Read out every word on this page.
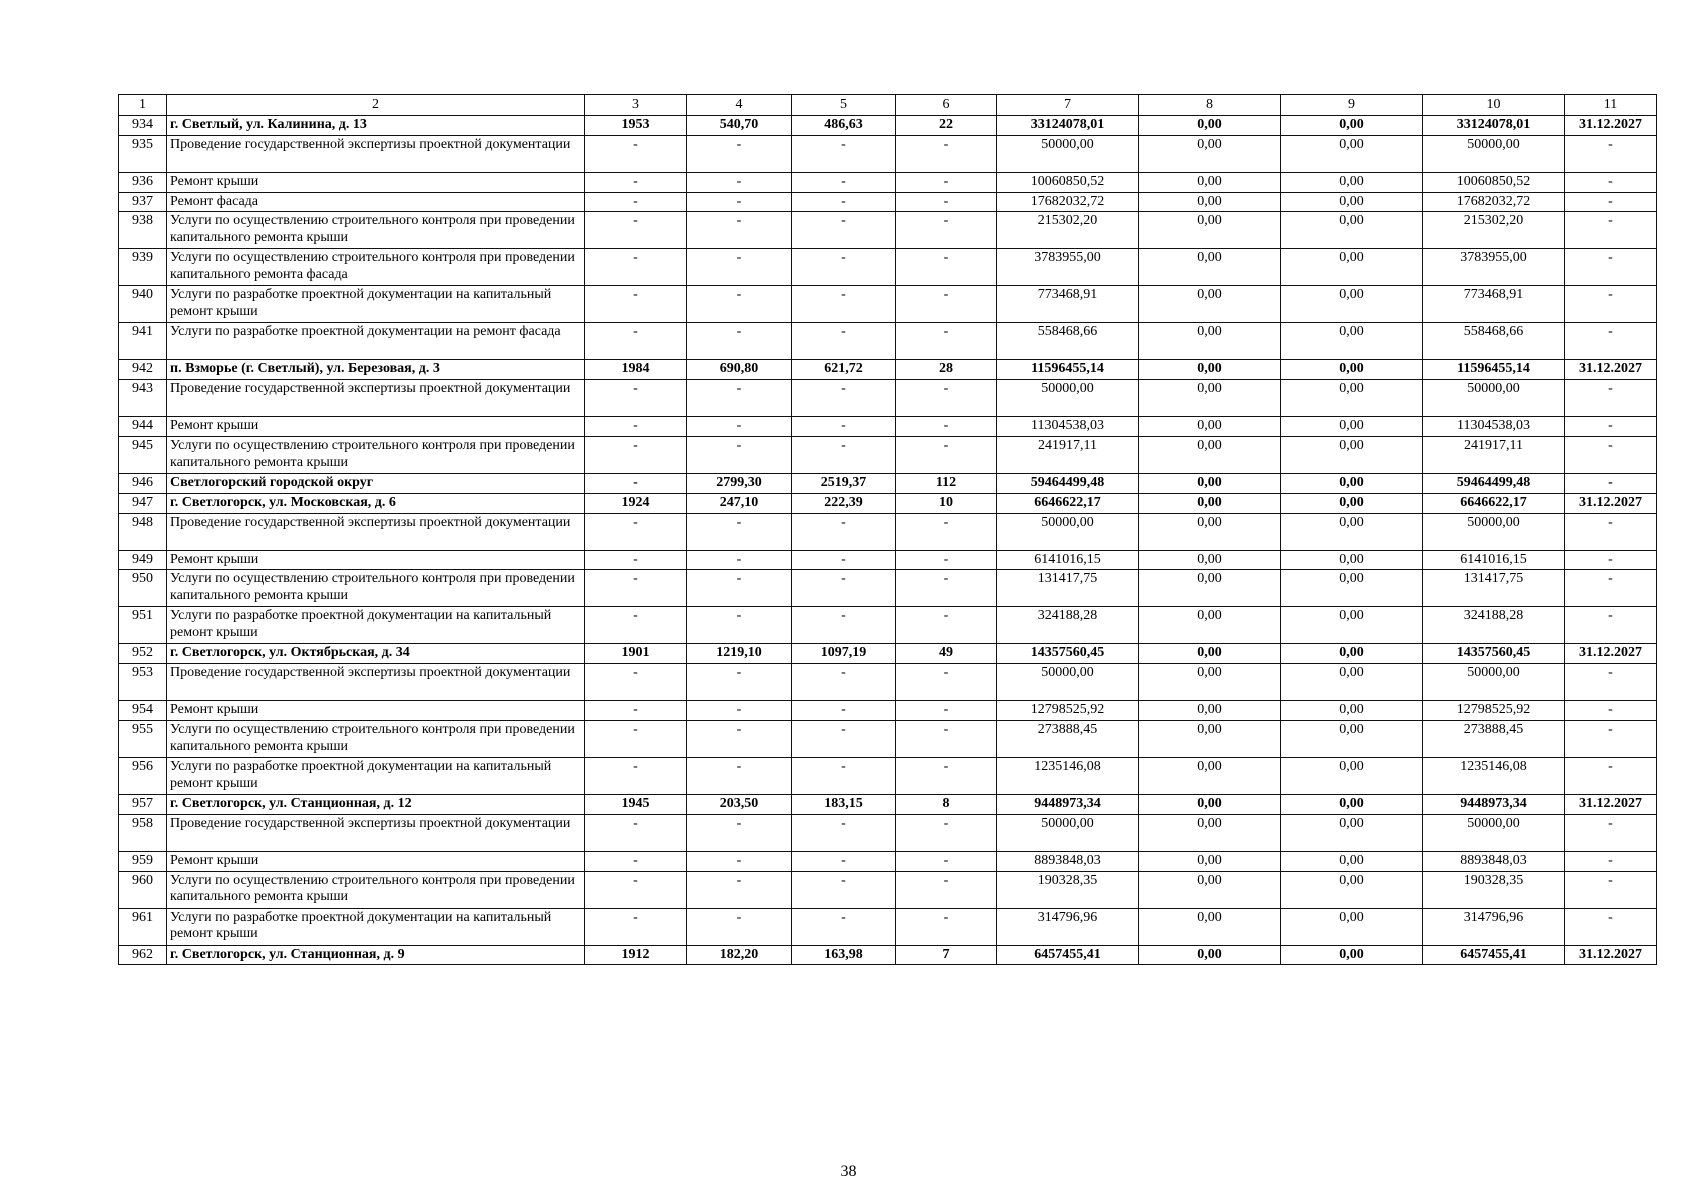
1	2	3	4	5	6	7	8	9	10	11
934	г. Светлый, ул. Калинина, д. 13	1953	540,70	486,63	22	33124078,01	0,00	0,00	33124078,01	31.12.2027
935	Проведение государственной экспертизы проектной документации	-	-	-	-	50000,00	0,00	0,00	50000,00	-
936	Ремонт крыши	-	-	-	-	10060850,52	0,00	0,00	10060850,52	-
937	Ремонт фасада	-	-	-	-	17682032,72	0,00	0,00	17682032,72	-
938	Услуги по осуществлению строительного контроля при проведении капитального ремонта крыши	-	-	-	-	215302,20	0,00	0,00	215302,20	-
939	Услуги по осуществлению строительного контроля при проведении капитального ремонта фасада	-	-	-	-	3783955,00	0,00	0,00	3783955,00	-
940	Услуги по разработке проектной документации на капитальный ремонт крыши	-	-	-	-	773468,91	0,00	0,00	773468,91	-
941	Услуги по разработке проектной документации на ремонт фасада	-	-	-	-	558468,66	0,00	0,00	558468,66	-
942	п. Взморье (г. Светлый), ул. Березовая, д. 3	1984	690,80	621,72	28	11596455,14	0,00	0,00	11596455,14	31.12.2027
943	Проведение государственной экспертизы проектной документации	-	-	-	-	50000,00	0,00	0,00	50000,00	-
944	Ремонт крыши	-	-	-	-	11304538,03	0,00	0,00	11304538,03	-
945	Услуги по осуществлению строительного контроля при проведении капитального ремонта крыши	-	-	-	-	241917,11	0,00	0,00	241917,11	-
946	Светлогорский городской округ	-	2799,30	2519,37	112	59464499,48	0,00	0,00	59464499,48	-
947	г. Светлогорск, ул. Московская, д. 6	1924	247,10	222,39	10	6646622,17	0,00	0,00	6646622,17	31.12.2027
948	Проведение государственной экспертизы проектной документации	-	-	-	-	50000,00	0,00	0,00	50000,00	-
949	Ремонт крыши	-	-	-	-	6141016,15	0,00	0,00	6141016,15	-
950	Услуги по осуществлению строительного контроля при проведении капитального ремонта крыши	-	-	-	-	131417,75	0,00	0,00	131417,75	-
951	Услуги по разработке проектной документации на капитальный ремонт крыши	-	-	-	-	324188,28	0,00	0,00	324188,28	-
952	г. Светлогорск, ул. Октябрьская, д. 34	1901	1219,10	1097,19	49	14357560,45	0,00	0,00	14357560,45	31.12.2027
953	Проведение государственной экспертизы проектной документации	-	-	-	-	50000,00	0,00	0,00	50000,00	-
954	Ремонт крыши	-	-	-	-	12798525,92	0,00	0,00	12798525,92	-
955	Услуги по осуществлению строительного контроля при проведении капитального ремонта крыши	-	-	-	-	273888,45	0,00	0,00	273888,45	-
956	Услуги по разработке проектной документации на капитальный ремонт крыши	-	-	-	-	1235146,08	0,00	0,00	1235146,08	-
957	г. Светлогорск, ул. Станционная, д. 12	1945	203,50	183,15	8	9448973,34	0,00	0,00	9448973,34	31.12.2027
958	Проведение государственной экспертизы проектной документации	-	-	-	-	50000,00	0,00	0,00	50000,00	-
959	Ремонт крыши	-	-	-	-	8893848,03	0,00	0,00	8893848,03	-
960	Услуги по осуществлению строительного контроля при проведении капитального ремонта крыши	-	-	-	-	190328,35	0,00	0,00	190328,35	-
961	Услуги по разработке проектной документации на капитальный ремонт крыши	-	-	-	-	314796,96	0,00	0,00	314796,96	-
962	г. Светлогорск, ул. Станционная, д. 9	1912	182,20	163,98	7	6457455,41	0,00	0,00	6457455,41	31.12.2027
38
